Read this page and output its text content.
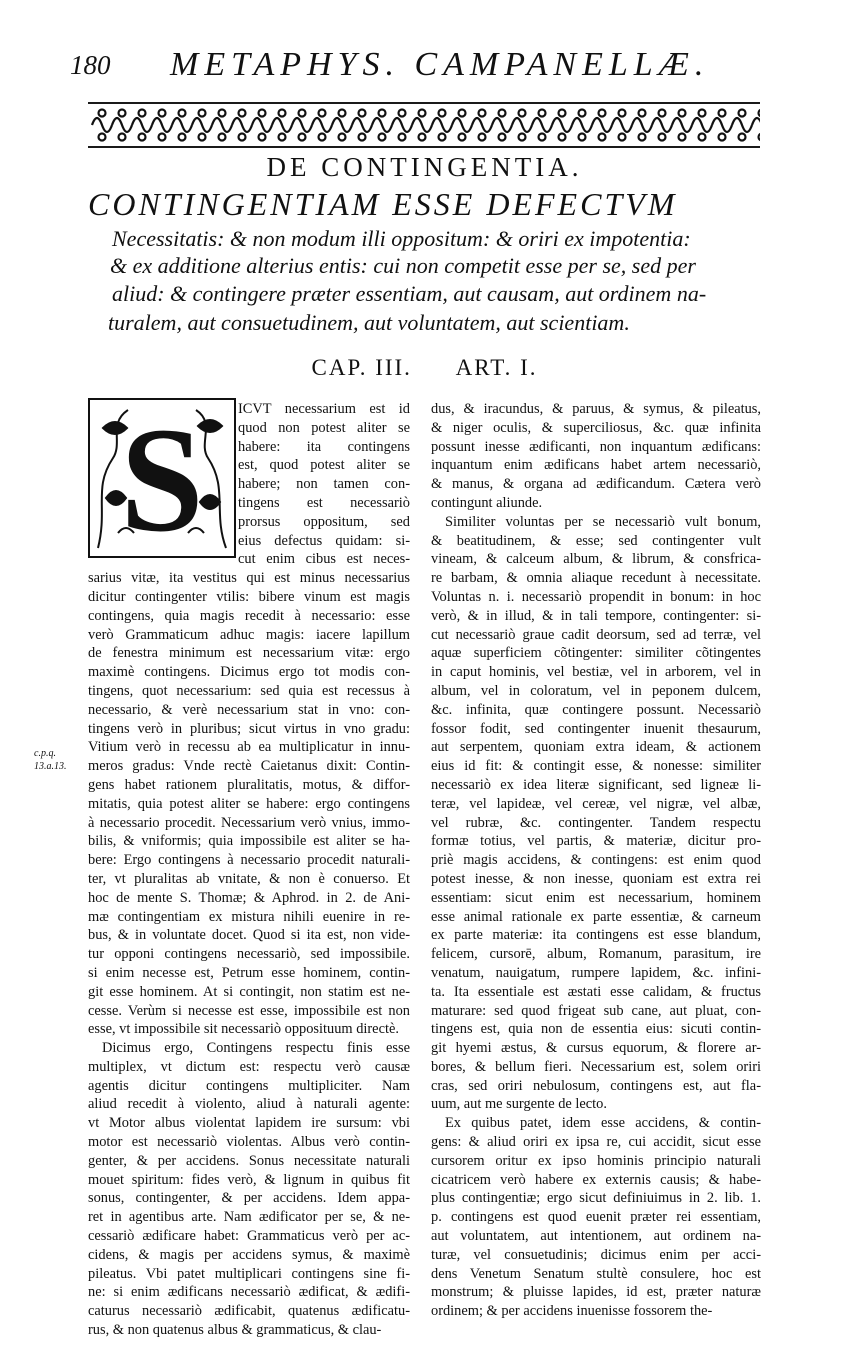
180 METAPHYS. CAMPANELLÆ.
DE CONTINGENTIA.
CONTINGENTIAM ESSE DEFECTVM
Necessitatis: & non modum illi oppositum: & oriri ex impotentia:
& ex additione alterius entis: cui non competit esse per se, sed per
aliud: & contingere præter essentiam, aut causam, aut ordinem na-
turalem, aut consuetudinem, aut voluntatem, aut scientiam.
CAP. III. ART. I.
S
c.p.q.
13.a.13.
ICVT necessarium est id
quod non potest aliter se
habere: ita contingens
est, quod potest aliter se
habere; non tamen con-
tingens est necessariò
prorsus oppositum, sed
eius defectus quidam: si-
cut enim cibus est neces-
sarius vitæ, ita vestitus qui est minus necessarius
dicitur contingenter vtilis: bibere vinum est magis
contingens, quia magis recedit à necessario: esse
verò Grammaticum adhuc magis: iacere lapillum
de fenestra minimum est necessarium vitæ: ergo
maximè contingens. Dicimus ergo tot modis con-
tingens, quot necessarium: sed quia est recessus à
necessario, & verè necessarium stat in vno: con-
tingens verò in pluribus; sicut virtus in vno gradu:
Vitium verò in recessu ab ea multiplicatur in innu-
meros gradus: Vnde rectè Caietanus dixit: Contin-
gens habet rationem pluralitatis, motus, & diffor-
mitatis, quia potest aliter se habere: ergo contingens
à necessario procedit. Necessarium verò vnius, immo-
bilis, & vniformis; quia impossibile est aliter se ha-
bere: Ergo contingens à necessario procedit naturali-
ter, vt pluralitas ab vnitate, & non è conuerso. Et
hoc de mente S. Thomæ; & Aphrod. in 2. de Ani-
mæ contingentiam ex mistura nihili euenire in re-
bus, & in voluntate docet. Quod si ita est, non vide-
tur opponi contingens necessariò, sed impossibile.
si enim necesse est, Petrum esse hominem, contin-
git esse hominem. At si contingit, non statim est ne-
cesse. Verùm si necesse est esse, impossibile est non
esse, vt impossibile sit necessariò opposituum directè.
Dicimus ergo, Contingens respectu finis esse
multiplex, vt dictum est: respectu verò causæ
agentis dicitur contingens multipliciter. Nam
aliud recedit à violento, aliud à naturali agente:
vt Motor albus violentat lapidem ire sursum: vbi
motor est necessariò violentas. Albus verò contin-
genter, & per accidens. Sonus necessitate naturali
mouet spiritum: fides verò, & lignum in quibus fit
sonus, contingenter, & per accidens. Idem appa-
ret in agentibus arte. Nam ædificator per se, & ne-
cessariò ædificare habet: Grammaticus verò per ac-
cidens, & magis per accidens symus, & maximè
pileatus. Vbi patet multiplicari contingens sine fi-
ne: si enim ædificans necessariò ædificat, & ædifi-
caturus necessariò ædificabit, quatenus ædificatu-
rus, & non quatenus albus & grammaticus, & clau-
dus, & iracundus, & paruus, & symus, & pileatus,
& niger oculis, & superciliosus, &c. quæ infinita
possunt inesse ædificanti, non inquantum ædificans:
inquantum enim ædificans habet artem necessariò,
& manus, & organa ad ædificandum. Cætera verò
contingunt aliunde.
Similiter voluntas per se necessariò vult bonum,
& beatitudinem, & esse; sed contingenter vult
vineam, & calceum album, & librum, & consfrica-
re barbam, & omnia aliaque recedunt à necessitate.
Voluntas n. i. necessariò propendit in bonum: in hoc
verò, & in illud, & in tali tempore, contingenter: si-
cut necessariò graue cadit deorsum, sed ad terræ, vel
aquæ superficiem cõtingenter: similiter cõtingentes
in caput hominis, vel bestiæ, vel in arborem, vel in
album, vel in coloratum, vel in peponem dulcem,
&c. infinita, quæ contingere possunt. Necessariò
fossor fodit, sed contingenter inuenit thesaurum,
aut serpentem, quoniam extra ideam, & actionem
eius id fit: & contingit esse, & nonesse: similiter
necessariò ex idea literæ significant, sed ligneæ li-
teræ, vel lapideæ, vel cereæ, vel nigræ, vel albæ,
vel rubræ, &c. contingenter. Tandem respectu
formæ totius, vel partis, & materiæ, dicitur pro-
priè magis accidens, & contingens: est enim quod
potest inesse, & non inesse, quoniam est extra rei
essentiam: sicut enim est necessarium, hominem
esse animal rationale ex parte essentiæ, & carneum
ex parte materiæ: ita contingens est esse blandum,
felicem, cursorē, album, Romanum, parasitum, ire
venatum, nauigatum, rumpere lapidem, &c. infini-
ta. Ita essentiale est æstati esse calidam, & fructus
maturare: sed quod frigeat sub cane, aut pluat, con-
tingens est, quia non de essentia eius: sicuti contin-
git hyemi æstus, & cursus equorum, & florere ar-
bores, & bellum fieri. Necessarium est, solem oriri
cras, sed oriri nebulosum, contingens est, aut fla-
uum, aut me surgente de lecto.
Ex quibus patet, idem esse accidens, & contin-
gens: & aliud oriri ex ipsa re, cui accidit, sicut esse
cursorem oritur ex ipso hominis principio naturali
cicatricem verò habere ex externis causis; & habe-
plus contingentiæ; ergo sicut definiuimus in 2. lib. 1.
p. contingens est quod euenit præter rei essentiam,
aut voluntatem, aut intentionem, aut ordinem na-
turæ, vel consuetudinis; dicimus enim per acci-
dens Venetum Senatum stultè consulere, hoc est
monstrum; & pluisse lapides, id est, præter naturæ
ordinem; & per accidens inuenisse fossorem the-
